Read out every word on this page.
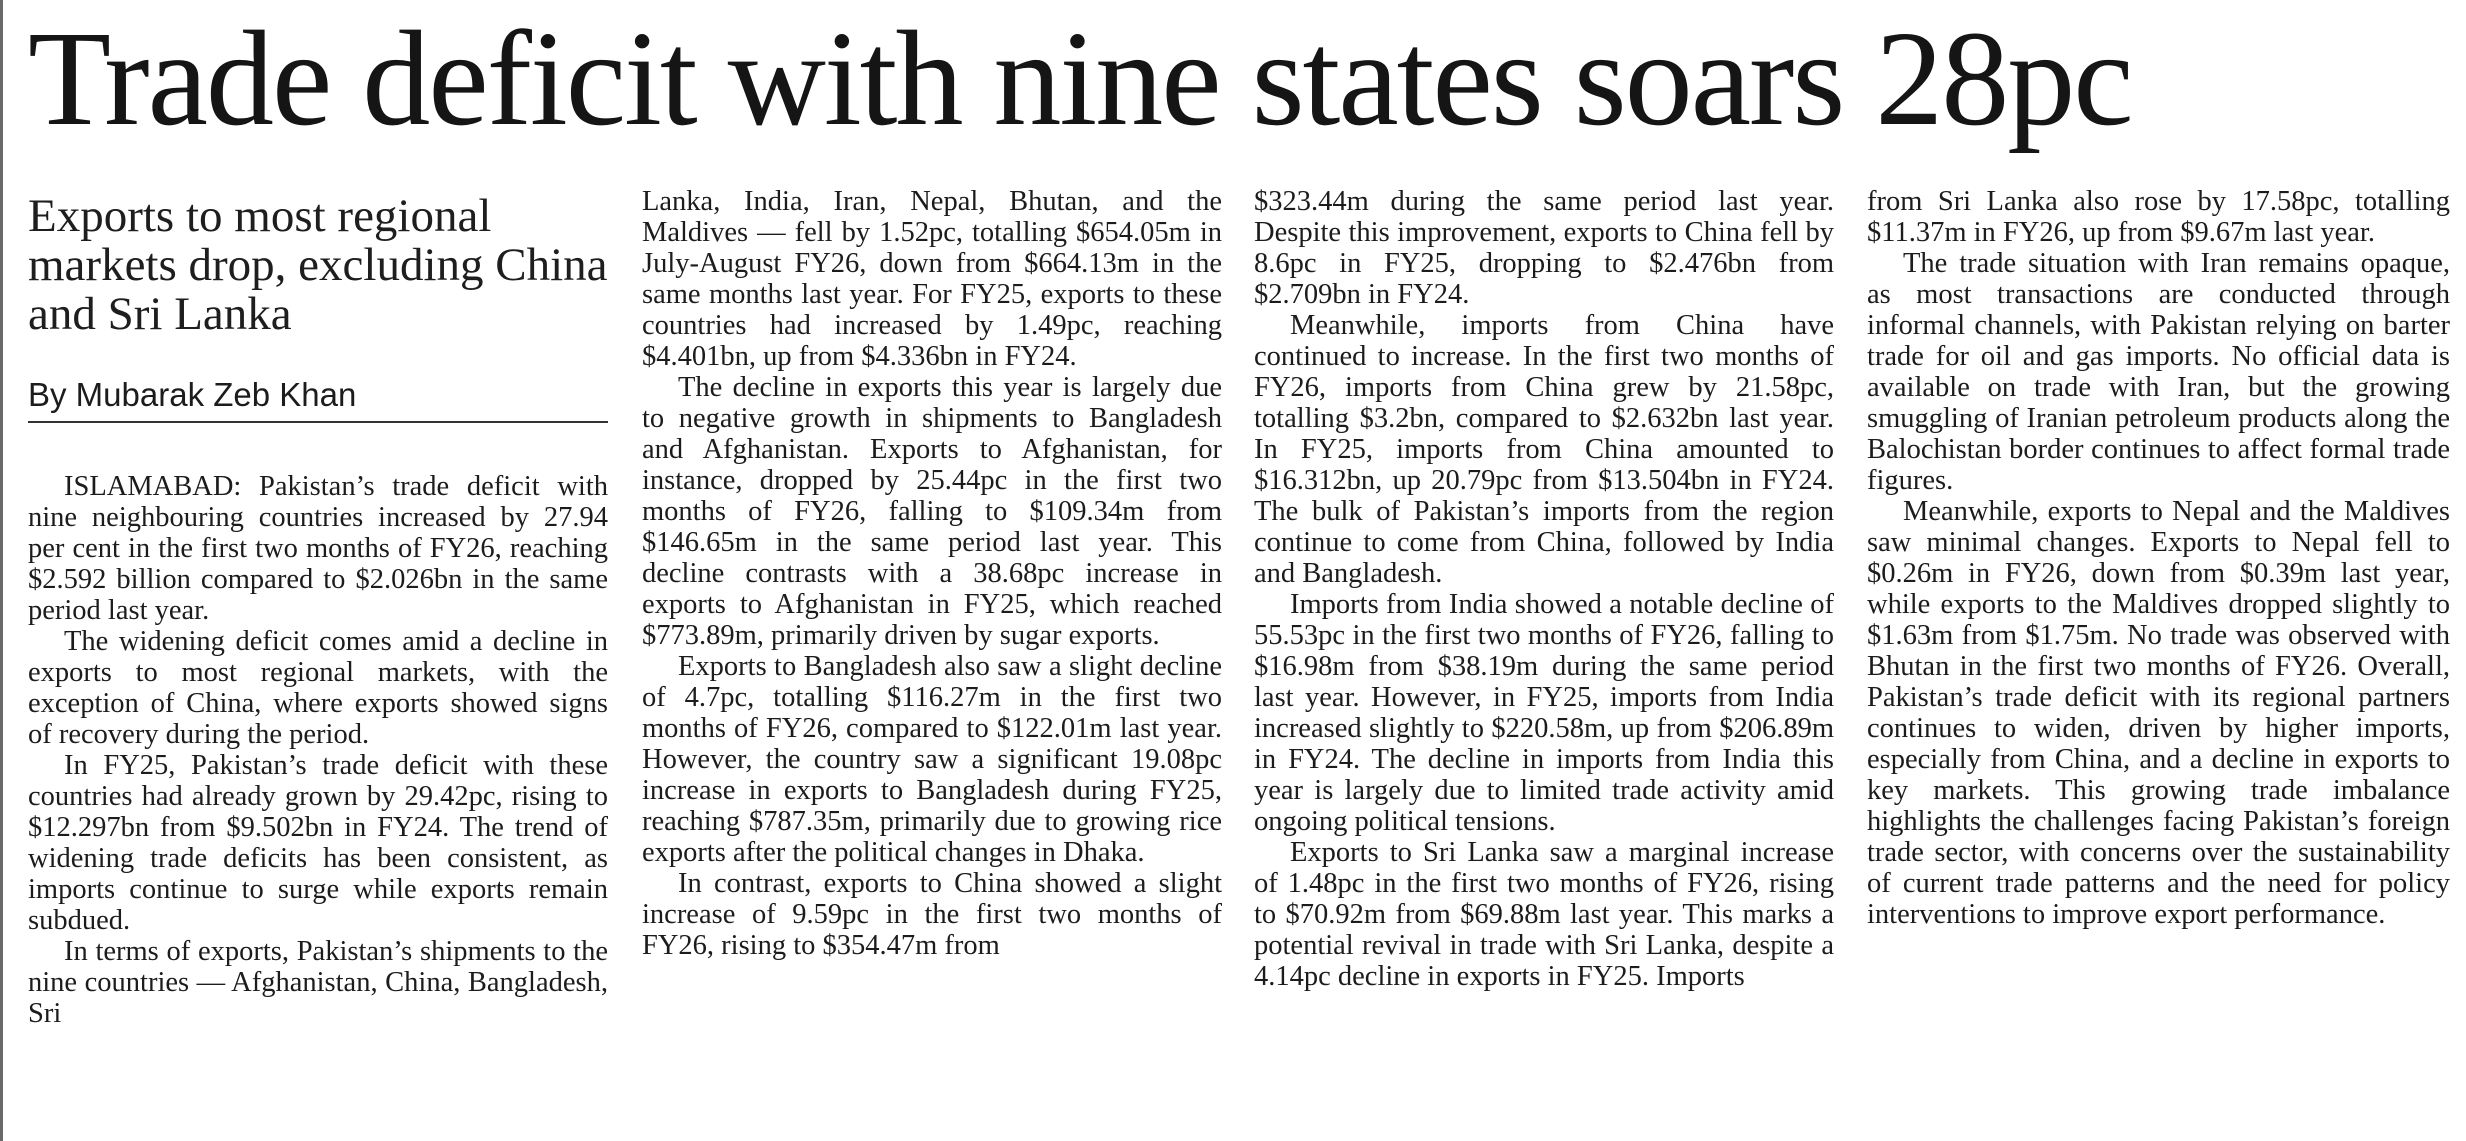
Trade deficit with nine states soars 28pc
Exports to most regional markets drop, excluding China and Sri Lanka
By Mubarak Zeb Khan

ISLAMABAD: Pakistan’s trade deficit with nine neighbouring countries increased by 27.94 per cent in the first two months of FY26, reaching $2.592 billion compared to $2.026bn in the same period last year.

The widening deficit comes amid a decline in exports to most regional markets, with the exception of China, where exports showed signs of recovery during the period.

In FY25, Pakistan’s trade deficit with these countries had already grown by 29.42pc, rising to $12.297bn from $9.502bn in FY24. The trend of widening trade deficits has been consistent, as imports continue to surge while exports remain subdued.

In terms of exports, Pakistan’s shipments to the nine countries — Afghanistan, China, Bangladesh, Sri

Lanka, India, Iran, Nepal, Bhutan, and the Maldives — fell by 1.52pc, totalling $654.05m in July-August FY26, down from $664.13m in the same months last year. For FY25, exports to these countries had increased by 1.49pc, reaching $4.401bn, up from $4.336bn in FY24.

The decline in exports this year is largely due to negative growth in shipments to Bangladesh and Afghanistan. Exports to Afghanistan, for instance, dropped by 25.44pc in the first two months of FY26, falling to $109.34m from $146.65m in the same period last year. This decline contrasts with a 38.68pc increase in exports to Afghanistan in FY25, which reached $773.89m, primarily driven by sugar exports.

Exports to Bangladesh also saw a slight decline of 4.7pc, totalling $116.27m in the first two months of FY26, compared to $122.01m last year. However, the country saw a significant 19.08pc increase in exports to Bangladesh during FY25, reaching $787.35m, primarily due to growing rice exports after the political changes in Dhaka.

In contrast, exports to China showed a slight increase of 9.59pc in the first two months of FY26, rising to $354.47m from

$323.44m during the same period last year. Despite this improvement, exports to China fell by 8.6pc in FY25, dropping to $2.476bn from $2.709bn in FY24.

Meanwhile, imports from China have continued to increase. In the first two months of FY26, imports from China grew by 21.58pc, totalling $3.2bn, compared to $2.632bn last year. In FY25, imports from China amounted to $16.312bn, up 20.79pc from $13.504bn in FY24. The bulk of Pakistan’s imports from the region continue to come from China, followed by India and Bangladesh.

Imports from India showed a notable decline of 55.53pc in the first two months of FY26, falling to $16.98m from $38.19m during the same period last year. However, in FY25, imports from India increased slightly to $220.58m, up from $206.89m in FY24. The decline in imports from India this year is largely due to limited trade activity amid ongoing political tensions.

Exports to Sri Lanka saw a marginal increase of 1.48pc in the first two months of FY26, rising to $70.92m from $69.88m last year. This marks a potential revival in trade with Sri Lanka, despite a 4.14pc decline in exports in FY25. Imports

from Sri Lanka also rose by 17.58pc, totalling $11.37m in FY26, up from $9.67m last year.

The trade situation with Iran remains opaque, as most transactions are conducted through informal channels, with Pakistan relying on barter trade for oil and gas imports. No official data is available on trade with Iran, but the growing smuggling of Iranian petroleum products along the Balochistan border continues to affect formal trade figures.

Meanwhile, exports to Nepal and the Maldives saw minimal changes. Exports to Nepal fell to $0.26m in FY26, down from $0.39m last year, while exports to the Maldives dropped slightly to $1.63m from $1.75m. No trade was observed with Bhutan in the first two months of FY26. Overall, Pakistan’s trade deficit with its regional partners continues to widen, driven by higher imports, especially from China, and a decline in exports to key markets. This growing trade imbalance highlights the challenges facing Pakistan’s foreign trade sector, with concerns over the sustainability of current trade patterns and the need for policy interventions to improve export performance.
